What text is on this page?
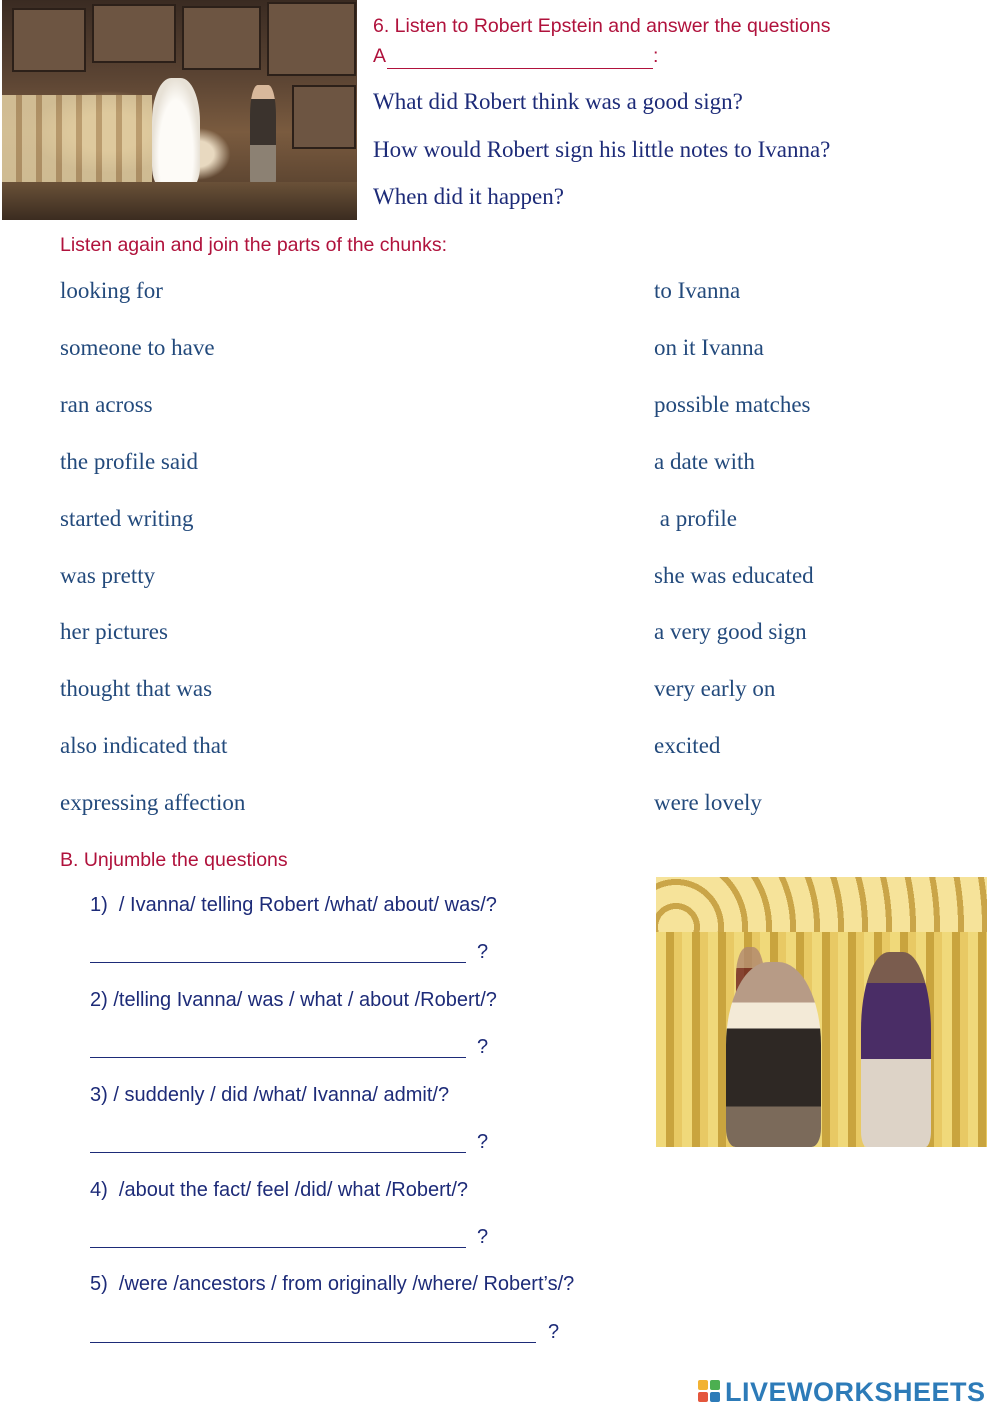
6. Listen to Robert Epstein and answer the questions
A	:
What did Robert think was a good sign?
How would Robert sign his little notes to Ivanna?
When did it happen?
Listen again and join the parts of the chunks:
looking for
someone to have
ran across
the profile said
started writing
was pretty
her pictures
thought that was
also indicated that
expressing affection
to Ivanna
on it Ivanna
possible matches
a date with
a profile
she was educated
a very good sign
very early on
excited
were lovely
B. Unjumble the questions
1)  / Ivanna/ telling Robert /what/ about/ was/?
?
2) /telling Ivanna/ was / what / about /Robert/?
?
3) / suddenly / did /what/ Ivanna/ admit/?
?
4)  /about the fact/ feel /did/ what /Robert/?
?
5)  /were /ancestors / from originally /where/ Robert’s/?
?
LIVEWORKSHEETS
